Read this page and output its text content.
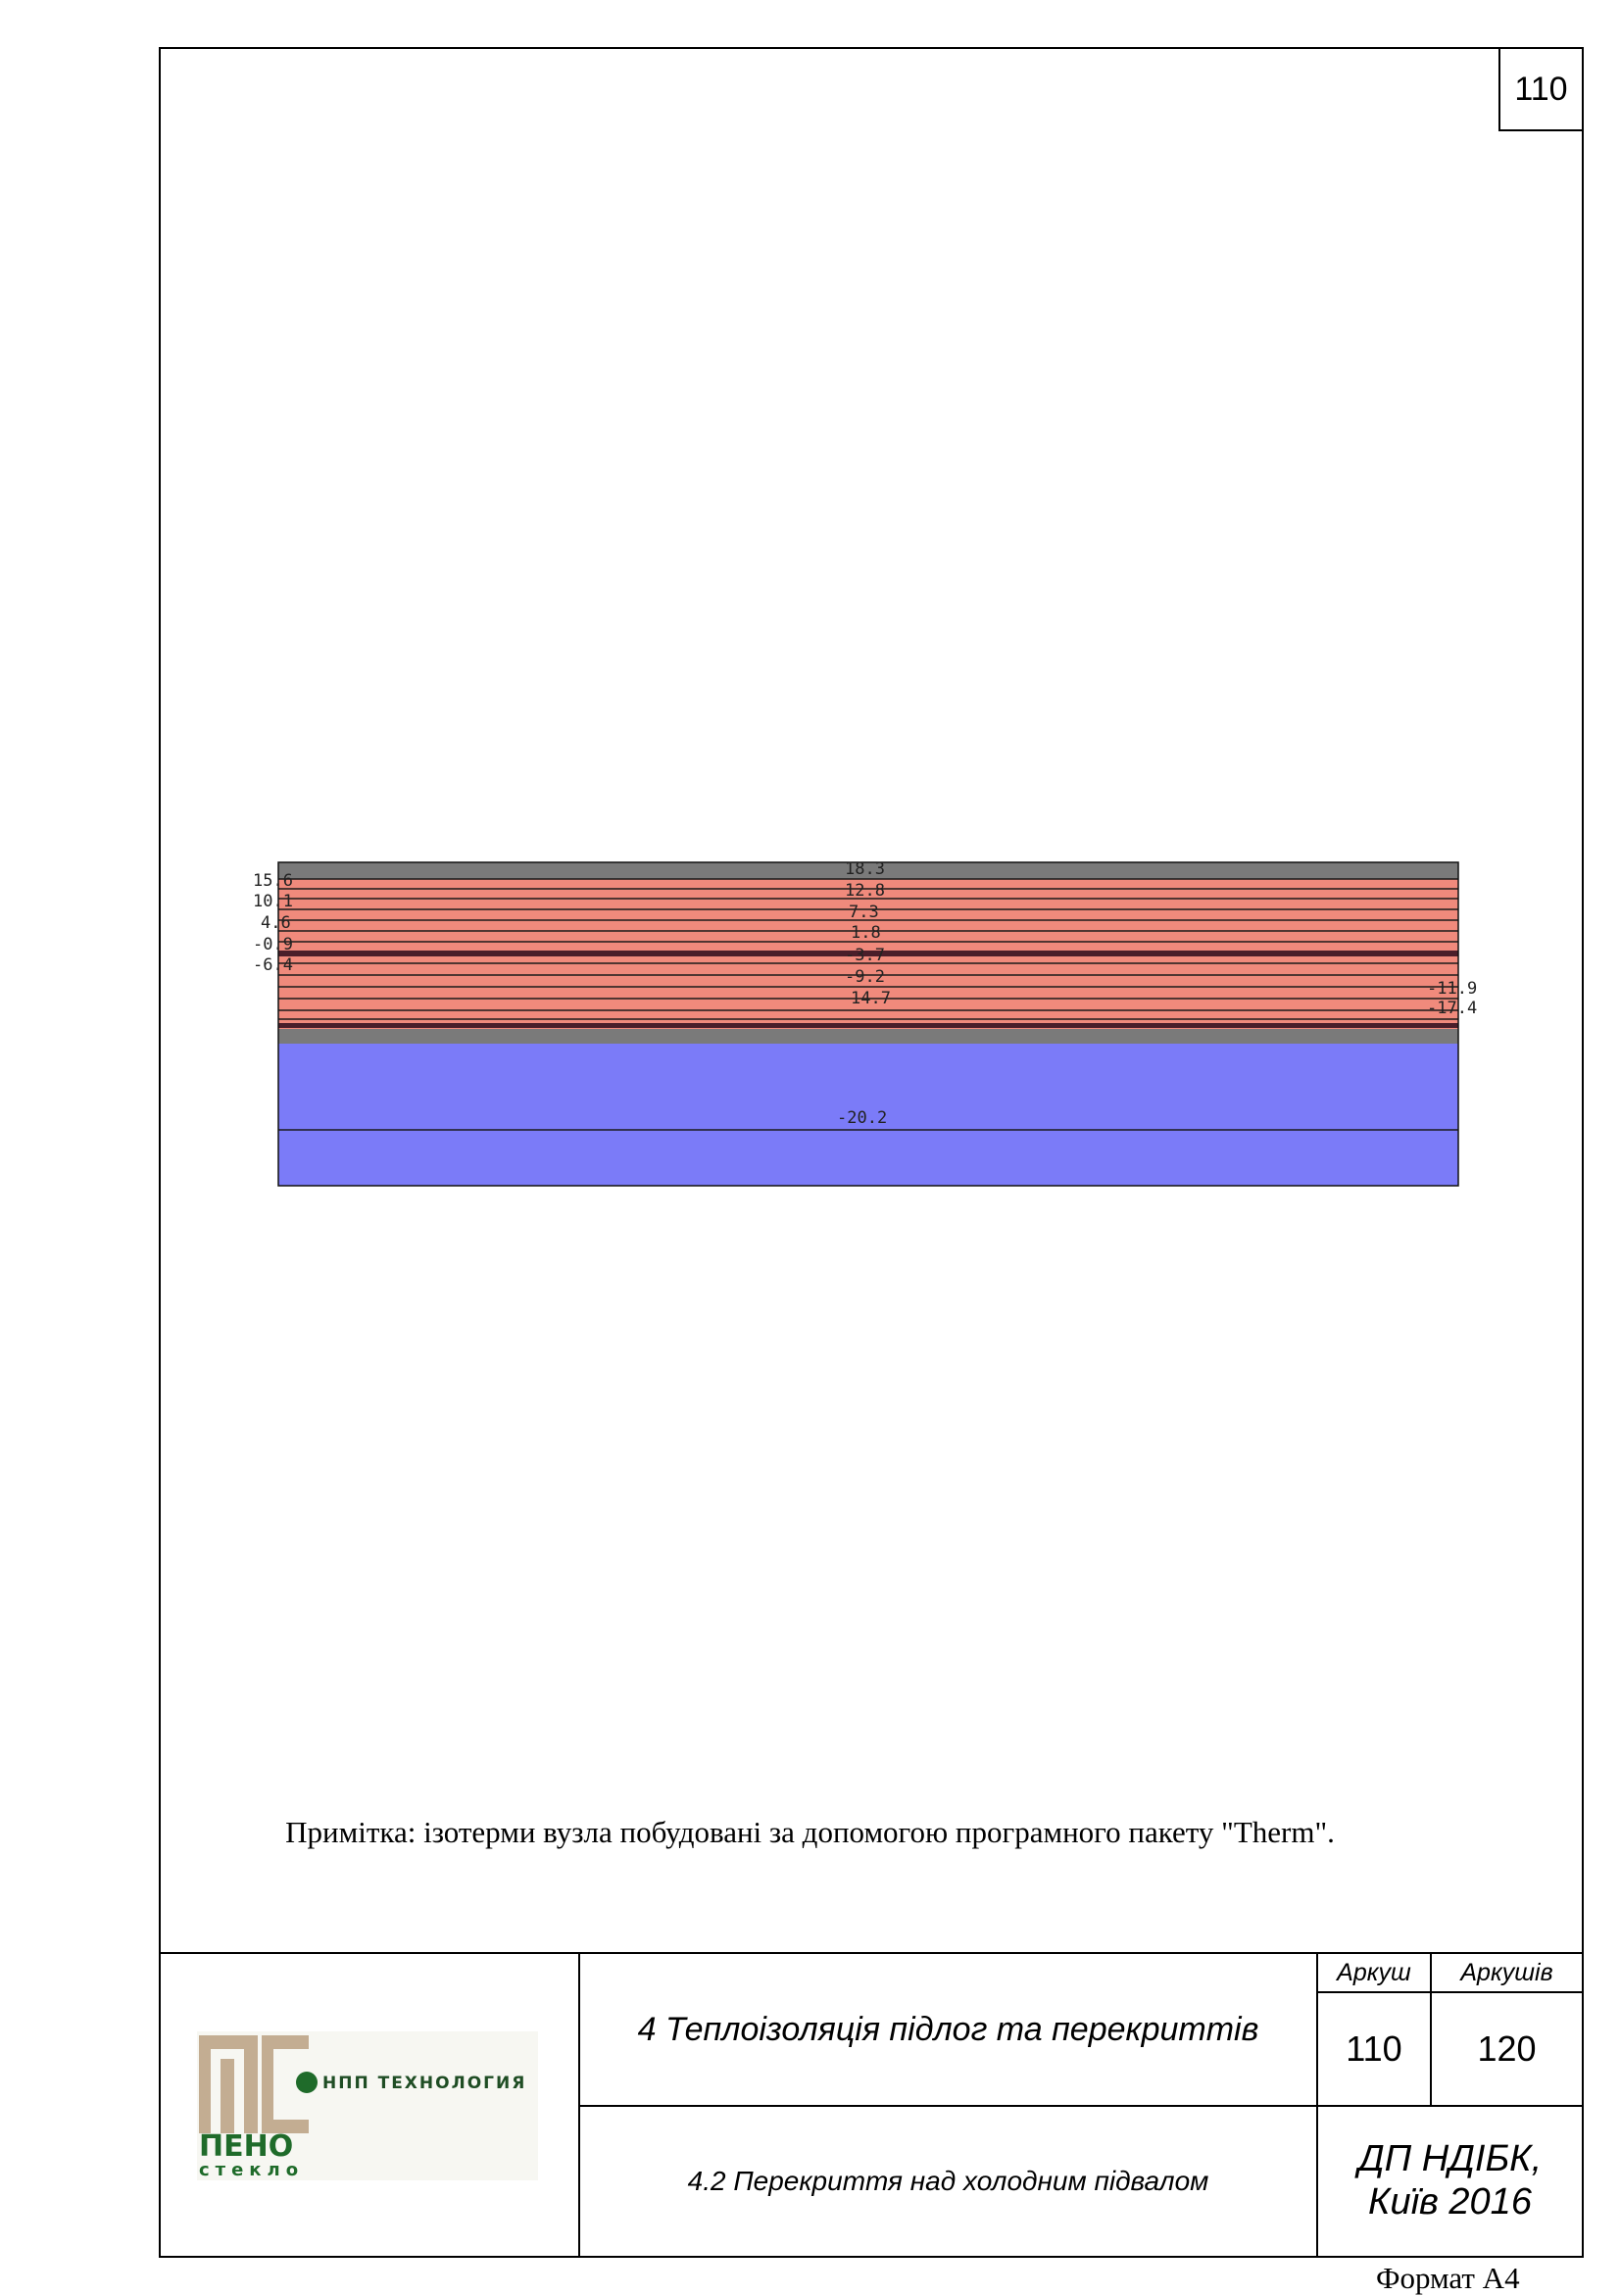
110
15.6
10.1
4.6
-0.9
-6.4
18.3
12.8
7.3
1.8
-3.7
-9.2
14.7	-11.9
-17.4
-20.2
Примітка: ізотерми вузла побудовані за допомогою програмного пакету "Therm".
4 Теплоізоляція підлог та перекриттів
4.2 Перекриття над холодним підвалом
Аркуш Аркушів
110 120
ДП НДІБК,
Київ 2016
НПП ТЕХНОЛОГИЯ
ПЕНО
стекло
Формат А4
